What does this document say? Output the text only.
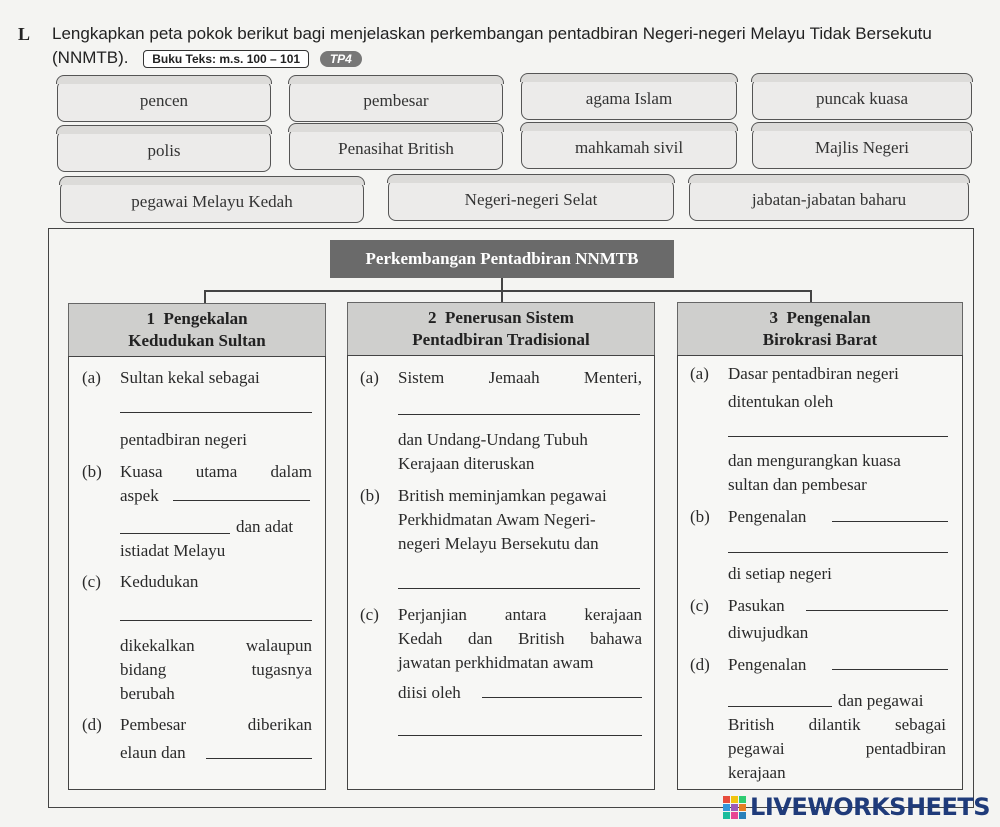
L Lengkapkan peta pokok berikut bagi menjelaskan perkembangan pentadbiran Negeri-negeri Melayu Tidak Bersekutu (NNMTB). Buku Teks: m.s. 100 – 101 TP4
pencen	pembesar	agama Islam	puncak kuasa
polis	Penasihat British	mahkamah sivil	Majlis Negeri
pegawai Melayu Kedah	Negeri-negeri Selat	jabatan-jabatan baharu
Perkembangan Pentadbiran NNMTB
1 Pengekalan
Kedudukan Sultan
(a) Sultan kekal sebagai
pentadbiran negeri
(b) Kuasa utama dalam
aspek
dan adat
istiadat Melayu
(c) Kedudukan
dikekalkan walaupun
bidang tugasnya
berubah
(d) Pembesar diberikan
elaun dan
2 Penerusan Sistem
Pentadbiran Tradisional
(a) Sistem Jemaah Menteri,
dan Undang-Undang Tubuh
Kerajaan diteruskan
(b) British meminjamkan pegawai
Perkhidmatan Awam Negeri-
negeri Melayu Bersekutu dan
(c) Perjanjian antara kerajaan
Kedah dan British bahawa
jawatan perkhidmatan awam
diisi oleh
3 Pengenalan
Birokrasi Barat
(a) Dasar pentadbiran negeri
ditentukan oleh
dan mengurangkan kuasa
sultan dan pembesar
(b) Pengenalan
di setiap negeri
(c) Pasukan
diwujudkan
(d) Pengenalan
dan pegawai
British dilantik sebagai
pegawai pentadbiran
kerajaan
LIVEWORKSHEETS
